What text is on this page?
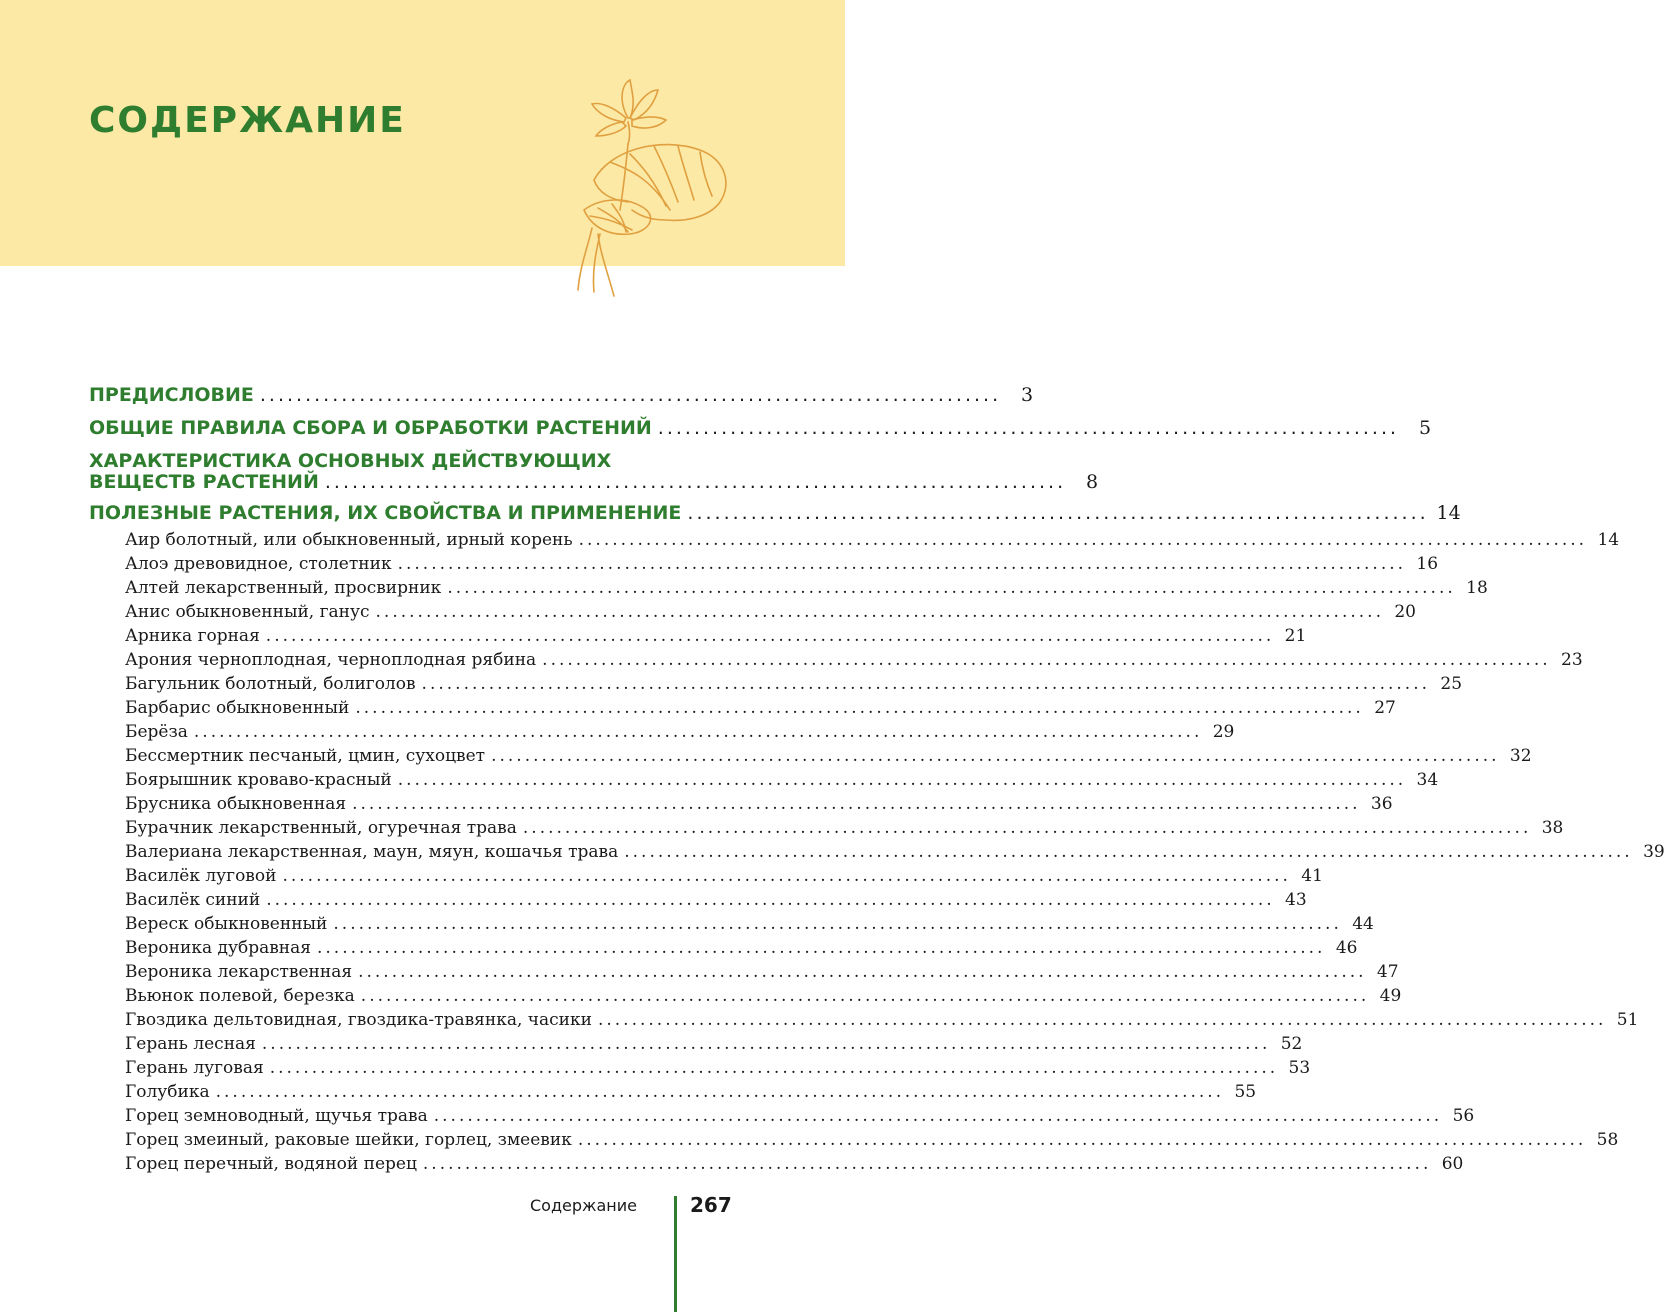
СОДЕРЖАНИЕ
ПРЕДИСЛОВИЕ ..................................................................................	3
ОБЩИЕ ПРАВИЛА СБОРА И ОБРАБОТКИ РАСТЕНИЙ ..................................................................................	5
ХАРАКТЕРИСТИКА ОСНОВНЫХ ДЕЙСТВУЮЩИХ
ВЕЩЕСТВ РАСТЕНИЙ ..................................................................................	8
ПОЛЕЗНЫЕ РАСТЕНИЯ, ИХ СВОЙСТВА И ПРИМЕНЕНИЕ .................................................................................. 14
Аир болотный, или обыкновенный, ирный корень ........................................................................................................................ 14
Алоэ древовидное, столетник ........................................................................................................................ 16
Алтей лекарственный, просвирник ........................................................................................................................ 18
Анис обыкновенный, ганус ........................................................................................................................ 20
Арника горная ........................................................................................................................ 21
Арония черноплодная, черноплодная рябина ........................................................................................................................ 23
Багульник болотный, болиголов ........................................................................................................................ 25
Барбарис обыкновенный ........................................................................................................................ 27
Берёза ........................................................................................................................ 29
Бессмертник песчаный, цмин, сухоцвет ........................................................................................................................ 32
Боярышник кроваво-красный ........................................................................................................................ 34
Брусника обыкновенная ........................................................................................................................ 36
Бурачник лекарственный, огуречная трава ........................................................................................................................ 38
Валериана лекарственная, маун, мяун, кошачья трава ........................................................................................................................ 39
Василёк луговой ........................................................................................................................ 41
Василёк синий ........................................................................................................................ 43
Вереск обыкновенный ........................................................................................................................ 44
Вероника дубравная ........................................................................................................................ 46
Вероника лекарственная ........................................................................................................................ 47
Вьюнок полевой, березка ........................................................................................................................ 49
Гвоздика дельтовидная, гвоздика-травянка, часики ........................................................................................................................ 51
Герань лесная ........................................................................................................................ 52
Герань луговая ........................................................................................................................ 53
Голубика ........................................................................................................................ 55
Горец земноводный, щучья трава ........................................................................................................................ 56
Горец змеиный, раковые шейки, горлец, змеевик ........................................................................................................................ 58
Горец перечный, водяной перец ........................................................................................................................ 60
Содержание	267
